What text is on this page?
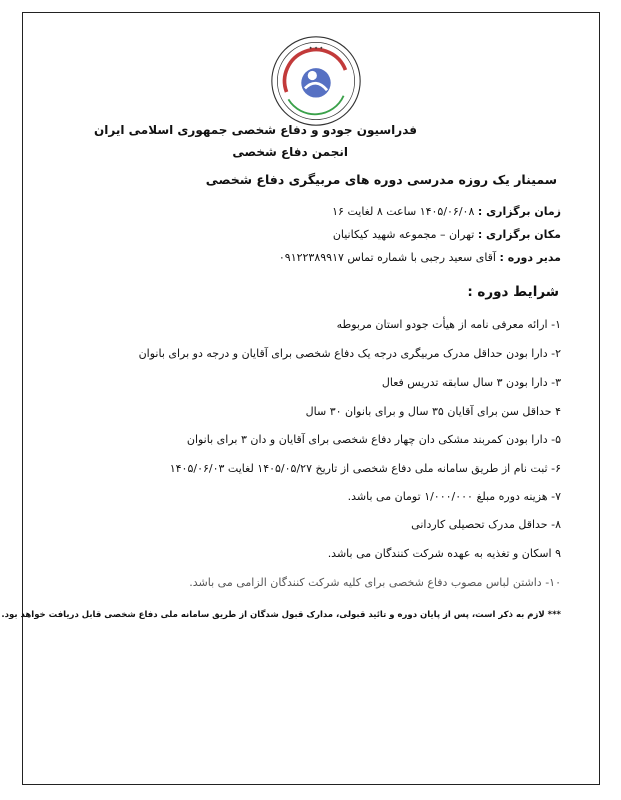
✦ ✦ ✦
فدراسیون جودو و دفاع شخصی جمهوری اسلامی ایران
انجمن دفاع شخصی
سمینار یک روزه مدرسی دوره های مربیگری دفاع شخصی
زمان برگزاری : ۱۴۰۵/۰۶/۰۸ ساعت ۸ لغایت ۱۶
مکان برگزاری : تهران – مجموعه شهید کیکانیان
مدیر دوره : آقای سعید رجبی با شماره تماس ۰۹۱۲۲۳۸۹۹۱۷
شرایط دوره :
۱- ارائه معرفی نامه از هیأت جودو استان مربوطه
۲- دارا بودن حداقل مدرک مربیگری درجه یک دفاع شخصی برای آقایان و درجه دو برای بانوان
۳- دارا بودن ۳ سال سابقه تدریس فعال
۴ حداقل سن برای آقایان ۳۵ سال و برای بانوان ۳۰ سال
۵- دارا بودن کمربند مشکی دان چهار دفاع شخصی برای آقایان و دان ۳ برای بانوان
۶- ثبت نام از طریق سامانه ملی دفاع شخصی از تاریخ ۱۴۰۵/۰۵/۲۷ لغایت ۱۴۰۵/۰۶/۰۳
۷- هزینه دوره مبلغ ۱/۰۰۰/۰۰۰ تومان می باشد.
۸- حداقل مدرک تحصیلی کاردانی
۹ اسکان و تغذیه به عهده شرکت کنندگان می باشد.
۱۰- داشتن لباس مصوب دفاع شخصی برای کلیه شرکت کنندگان الزامی می باشد.
*** لازم به ذکر است، پس از پایان دوره و تائید قبولی، مدارک قبول شدگان از طریق سامانه ملی دفاع شخصی قابل دریافت خواهد بود.
